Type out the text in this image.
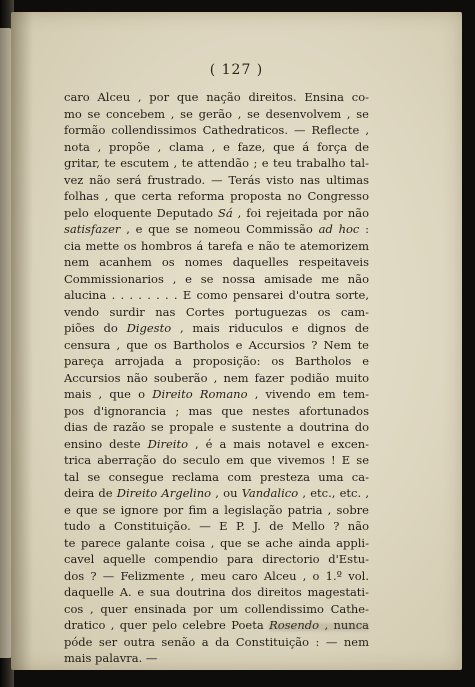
( 127 )
caro Alceu , por que nação direitos. Ensina co-
mo se concebem , se gerão , se desenvolvem , se
formão collendissimos Cathedraticos. — Reflecte ,
nota , propõe , clama , e faze, que á força de
gritar, te escutem , te attendão ; e teu trabalho tal-
vez não será frustrado. — Terás visto nas ultimas
folhas , que certa reforma proposta no Congresso
pelo eloquente Deputado Sá , foi rejeitada por não
satisfazer , e que se nomeou Commissão ad hoc :
cia mette os hombros á tarefa e não te atemorizem
nem acanhem os nomes daquelles respeitaveis
Commissionarios , e se nossa amisade me não
alucina . . . . . . . . E como pensarei d'outra sorte,
vendo surdir nas Cortes portuguezas os cam-
piões do Digesto , mais riduculos e dignos de
censura , que os Bartholos e Accursios ? Nem te
pareça arrojada a proposição: os Bartholos e
Accursios não souberão , nem fazer podião muito
mais , que o Direito Romano , vivendo em tem-
pos d'ignorancia ; mas que nestes afortunados
dias de razão se propale e sustente a doutrina do
ensino deste Direito , é a mais notavel e excen-
trica aberração do seculo em que vivemos ! E se
tal se consegue reclama com presteza uma ca-
deira de Direito Argelino , ou Vandalico , etc., etc. ,
e que se ignore por fim a legislação patria , sobre
tudo a Constituição. — E P. J. de Mello ? não
te parece galante coisa , que se ache ainda appli-
cavel aquelle compendio para directorio d'Estu-
dos ? — Felizmente , meu caro Alceu , o 1.º vol.
daquelle A. e sua doutrina dos direitos magestati-
cos , quer ensinada por um collendissimo Cathe-
dratico , quer pelo celebre Poeta Rosendo , nunca
póde ser outra senão a da Constituição : — nem
mais palavra. —
